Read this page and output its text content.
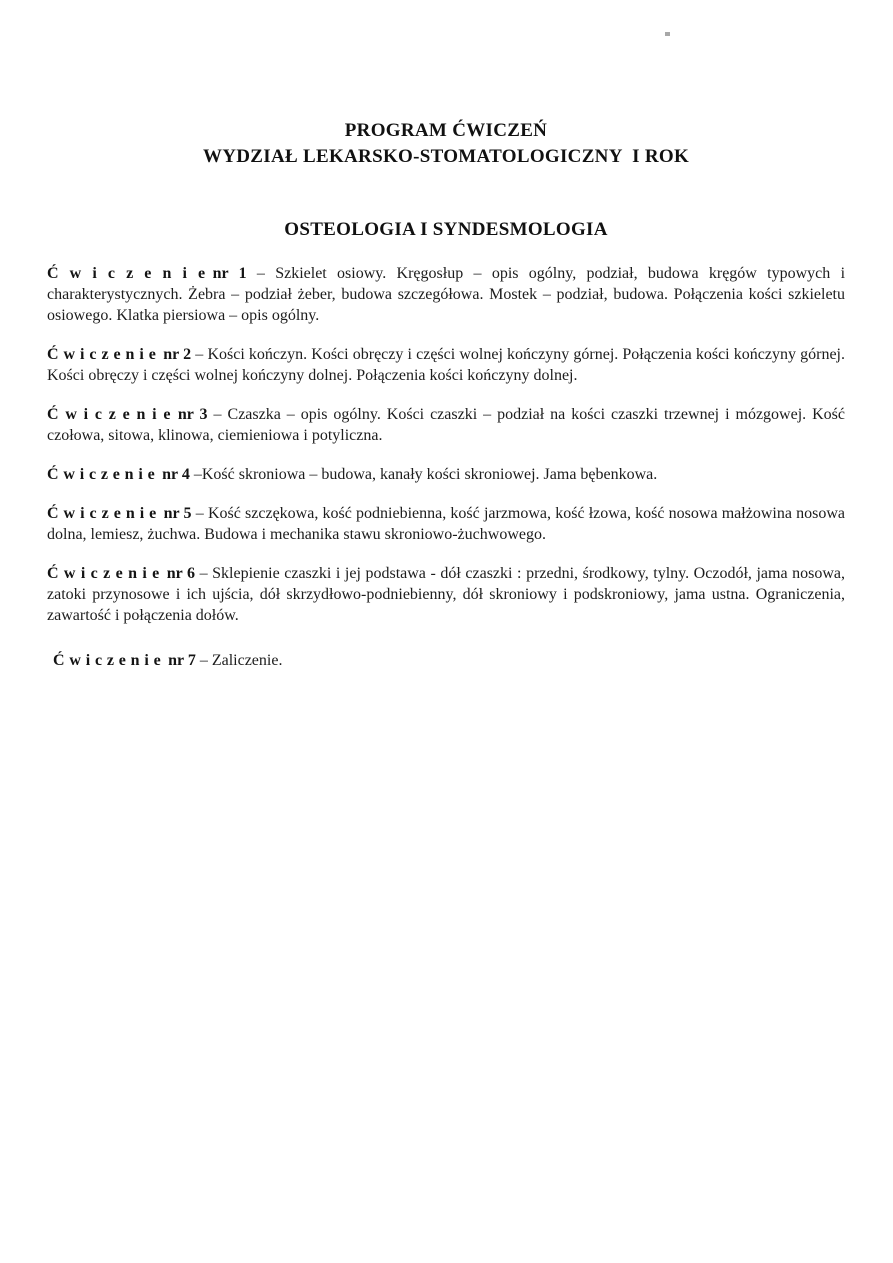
PROGRAM ĆWICZEŃ
WYDZIAŁ LEKARSKO-STOMATOLOGICZNY  I ROK
OSTEOLOGIA I SYNDESMOLOGIA

Ć w i c z e n i e nr 1 – Szkielet osiowy. Kręgosłup – opis ogólny, podział, budowa kręgów typowych i charakterystycznych. Żebra – podział żeber, budowa szczegółowa. Mostek – podział, budowa. Połączenia kości szkieletu osiowego. Klatka piersiowa – opis ogólny.

Ć w i c z e n i e nr 2 – Kości kończyn. Kości obręczy i części wolnej kończyny górnej. Połączenia kości kończyny górnej. Kości obręczy i części wolnej kończyny dolnej. Połączenia kości kończyny dolnej.

Ć w i c z e n i e nr 3 – Czaszka – opis ogólny. Kości czaszki – podział na kości czaszki trzewnej i mózgowej. Kość czołowa, sitowa, klinowa, ciemieniowa i potyliczna.

Ć w i c z e n i e nr 4 –Kość skroniowa – budowa, kanały kości skroniowej. Jama bębenkowa.

Ć w i c z e n i e nr 5 – Kość szczękowa, kość podniebienna, kość jarzmowa, kość łzowa, kość nosowa małżowina nosowa dolna, lemiesz, żuchwa. Budowa i mechanika stawu skroniowo-żuchwowego.

Ć w i c z e n i e nr 6 – Sklepienie czaszki i jej podstawa - dół czaszki : przedni, środkowy, tylny. Oczodół, jama nosowa, zatoki przynosowe i ich ujścia, dół skrzydłowo-podniebienny, dół skroniowy i podskroniowy, jama ustna. Ograniczenia, zawartość i połączenia dołów.

Ć w i c z e n i e nr 7 – Zaliczenie.
